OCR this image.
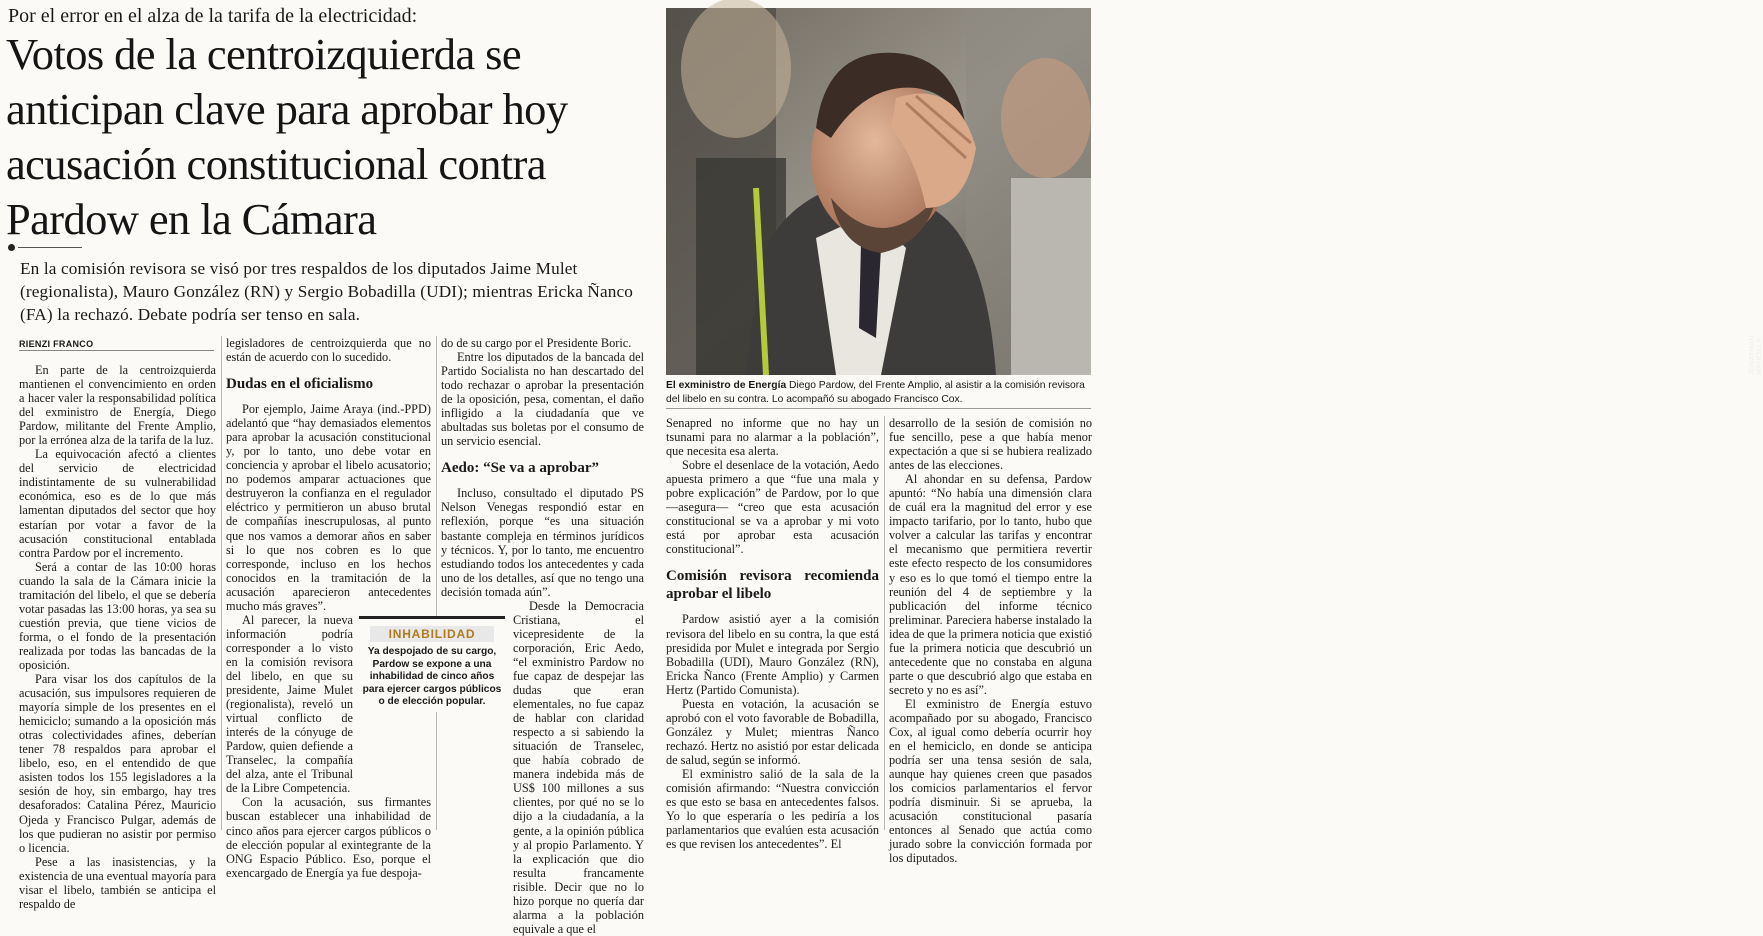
Por el error en el alza de la tarifa de la electricidad:
Votos de la centroizquierda se anticipan clave para aprobar hoy acusación constitucional contra Pardow en la Cámara
En la comisión revisora se visó por tres respaldos de los diputados Jaime Mulet (regionalista), Mauro González (RN) y Sergio Bobadilla (UDI); mientras Ericka Ñanco (FA) la rechazó. Debate podría ser tenso en sala.
RIENZI FRANCO

En parte de la centroizquierda mantienen el convencimiento en orden a hacer valer la responsabilidad política del exministro de Energía, Diego Pardow, militante del Frente Amplio, por la errónea alza de la tarifa de la luz.

La equivocación afectó a clientes del servicio de electricidad indistintamente de su vulnerabilidad económica, eso es de lo que más lamentan diputados del sector que hoy estarían por votar a favor de la acusación constitucional entablada contra Pardow por el incremento.

Será a contar de las 10:00 horas cuando la sala de la Cámara inicie la tramitación del libelo, el que se debería votar pasadas las 13:00 horas, ya sea su cuestión previa, que tiene vicios de forma, o el fondo de la presentación realizada por todas las bancadas de la oposición.

Para visar los dos capítulos de la acusación, sus impulsores requieren de mayoría simple de los presentes en el hemiciclo; sumando a la oposición más otras colectividades afines, deberían tener 78 respaldos para aprobar el libelo, eso, en el entendido de que asisten todos los 155 legisladores a la sesión de hoy, sin embargo, hay tres desaforados: Catalina Pérez, Mauricio Ojeda y Francisco Pulgar, además de los que pudieran no asistir por permiso o licencia.

Pese a las inasistencias, y la existencia de una eventual mayoría para visar el libelo, también se anticipa el respaldo de

legisladores de centroizquierda que no están de acuerdo con lo sucedido.

Dudas en el oficialismo

Por ejemplo, Jaime Araya (ind.-PPD) adelantó que “hay demasiados elementos para aprobar la acusación constitucional y, por lo tanto, uno debe votar en conciencia y aprobar el libelo acusatorio; no podemos amparar actuaciones que destruyeron la confianza en el regulador eléctrico y permitieron un abuso brutal de compañías inescrupulosas, al punto que nos vamos a demorar años en saber si lo que nos cobren es lo que corresponde, incluso en los hechos conocidos en la tramitación de la acusación aparecieron antecedentes mucho más graves”.

Al parecer, la nueva información podría corresponder a lo visto en la comisión revisora del libelo, en que su presidente, Jaime Mulet (regionalista), reveló un virtual conflicto de interés de la cónyuge de Pardow, quien defiende a Transelec, la compañía del alza, ante el Tribunal de la Libre Competencia.

Con la acusación, sus firmantes buscan establecer una inhabilidad de cinco años para ejercer cargos públicos o de elección popular al exintegrante de la ONG Espacio Público. Eso, porque el exencargado de Energía ya fue despoja-

do de su cargo por el Presidente Boric.

Entre los diputados de la bancada del Partido Socialista no han descartado del todo rechazar o aprobar la presentación de la oposición, pesa, comentan, el daño infligido a la ciudadanía que ve abultadas sus boletas por el consumo de un servicio esencial.

Aedo: “Se va a aprobar”

Incluso, consultado el diputado PS Nelson Venegas respondió estar en reflexión, porque “es una situación bastante compleja en términos jurídicos y técnicos. Y, por lo tanto, me encuentro estudiando todos los antecedentes y cada uno de los detalles, así que no tengo una decisión tomada aún”.

Desde la Democracia Cristiana, el vicepresidente de la corporación, Eric Aedo, “el exministro Pardow no fue capaz de despejar las dudas que eran elementales, no fue capaz de hablar con claridad respecto a si sabiendo la situación de Transelec, que había cobrado de manera indebida más de US$ 100 millones a sus clientes, por qué no se lo dijo a la ciudadanía, a la gente, a la opinión pública y al propio Parlamento. Y la explicación que dio resulta francamente risible. Decir que no lo hizo porque no quería dar alarma a la población equivale a que el

INHABILIDAD
Ya despojado de su cargo, Pardow se expone a una inhabilidad de cinco años para ejercer cargos públicos o de elección popular.
JONATHAN MANCILLA
El exministro de Energía Diego Pardow, del Frente Amplio, al asistir a la comisión revisora del libelo en su contra. Lo acompañó su abogado Francisco Cox.

Senapred no informe que no hay un tsunami para no alarmar a la población”, que necesita esa alerta.

Sobre el desenlace de la votación, Aedo apuesta primero a que “fue una mala y pobre explicación” de Pardow, por lo que —asegura— “creo que esta acusación constitucional se va a aprobar y mi voto está por aprobar esta acusación constitucional”.

Comisión revisora recomienda aprobar el libelo

Pardow asistió ayer a la comisión revisora del libelo en su contra, la que está presidida por Mulet e integrada por Sergio Bobadilla (UDI), Mauro González (RN), Ericka Ñanco (Frente Amplio) y Carmen Hertz (Partido Comunista).

Puesta en votación, la acusación se aprobó con el voto favorable de Bobadilla, González y Mulet; mientras Ñanco rechazó. Hertz no asistió por estar delicada de salud, según se informó.

El exministro salió de la sala de la comisión afirmando: “Nuestra convicción es que esto se basa en antecedentes falsos. Yo lo que esperaría o les pediría a los parlamentarios que evalúen esta acusación es que revisen los antecedentes”. El

desarrollo de la sesión de comisión no fue sencillo, pese a que había menor expectación a que si se hubiera realizado antes de las elecciones.

Al ahondar en su defensa, Pardow apuntó: “No había una dimensión clara de cuál era la magnitud del error y ese impacto tarifario, por lo tanto, hubo que volver a calcular las tarifas y encontrar el mecanismo que permitiera revertir este efecto respecto de los consumidores y eso es lo que tomó el tiempo entre la reunión del 4 de septiembre y la publicación del informe técnico preliminar. Pareciera haberse instalado la idea de que la primera noticia que existió fue la primera noticia que descubrió un antecedente que no constaba en alguna parte o que descubrió algo que estaba en secreto y no es así”.

El exministro de Energía estuvo acompañado por su abogado, Francisco Cox, al igual como debería ocurrir hoy en el hemiciclo, en donde se anticipa podría ser una tensa sesión de sala, aunque hay quienes creen que pasados los comicios parlamentarios el fervor podría disminuir. Si se aprueba, la acusación constitucional pasaría entonces al Senado que actúa como jurado sobre la convicción formada por los diputados.
